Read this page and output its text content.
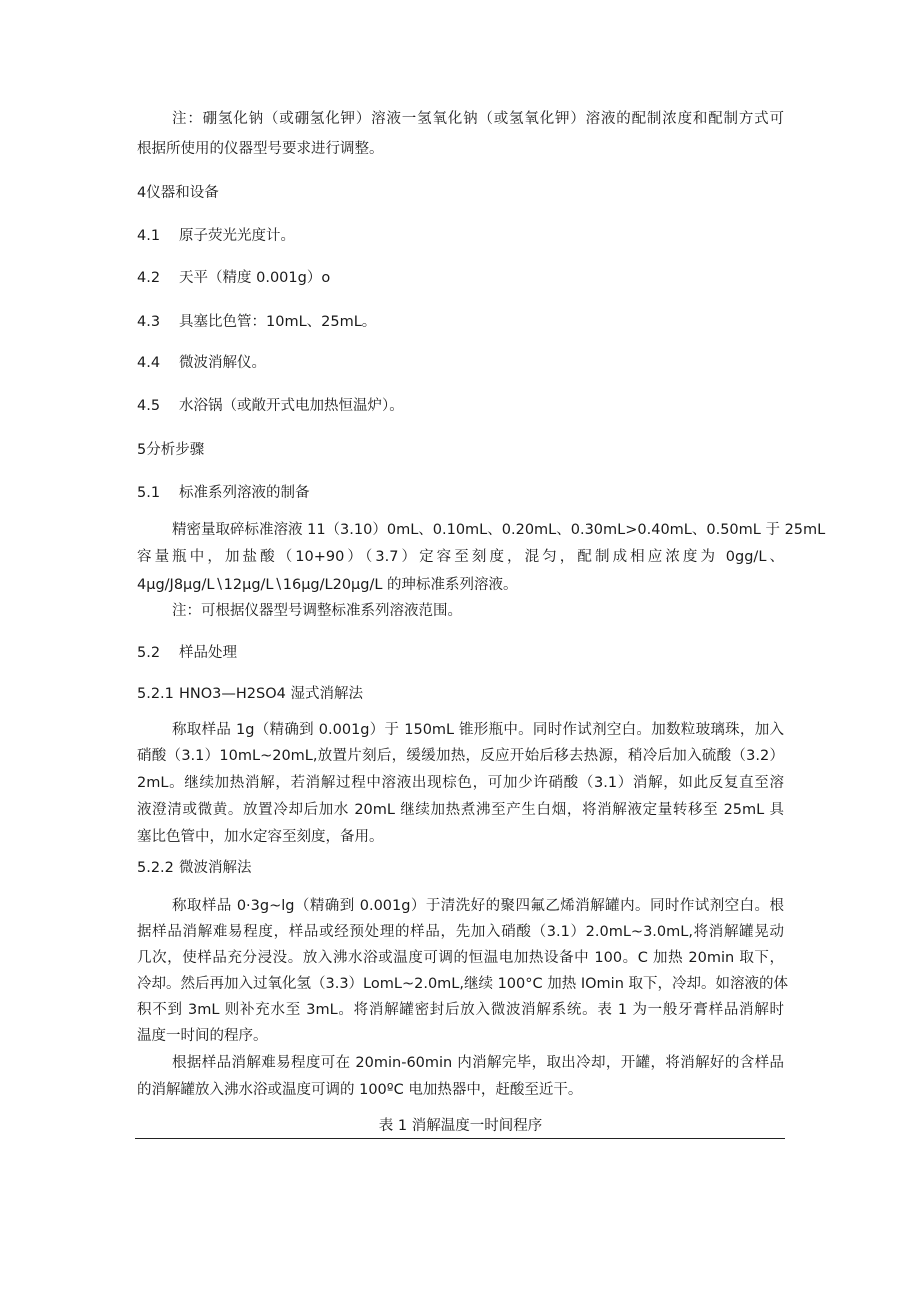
注：硼氢化钠（或硼氢化钾）溶液一氢氧化钠（或氢氧化钾）溶液的配制浓度和配制方式可
根据所使用的仪器型号要求进行调整。
4仪器和设备
4.1 原子荧光光度计。
4.2 天平（精度 0.001g）o
4.3 具塞比色管：10mL、25mL。
4.4 微波消解仪。
4.5 水浴锅（或敞开式电加热恒温炉）。
5分析步骤
5.1 标准系列溶液的制备
精密量取碎标准溶液 11（3.10）0mL、0.10mL、0.20mL、0.30mL>0.40mL、0.50mL 于 25mL
容量瓶中，加盐酸（10+90）（3.7）定容至刻度，混匀，配制成相应浓度为 0gg/L、
4μg∕J8μg∕L∖12μg∕L∖16μg∕L20μg∕L 的珅标准系列溶液。
注：可根据仪器型号调整标准系列溶液范围。
5.2 样品处理
5.2.1 HNO3—H2SO4 湿式消解法
称取样品 1g（精确到 0.001g）于 150mL 锥形瓶中。同时作试剂空白。加数粒玻璃珠，加入
硝酸（3.1）10mL~20mL,放置片刻后，缓缓加热，反应开始后移去热源，稍冷后加入硫酸（3.2）
2mL。继续加热消解，若消解过程中溶液出现棕色，可加少许硝酸（3.1）消解，如此反复直至溶
液澄清或微黄。放置冷却后加水 20mL 继续加热煮沸至产生白烟，将消解液定量转移至 25mL 具
塞比色管中，加水定容至刻度，备用。
5.2.2 微波消解法
称取样品 0·3g~lg（精确到 0.001g）于清洗好的聚四氟乙烯消解罐内。同时作试剂空白。根
据样品消解难易程度，样品或经预处理的样品，先加入硝酸（3.1）2.0mL~3.0mL,将消解罐晃动
几次，使样品充分浸没。放入沸水浴或温度可调的恒温电加热设备中 100。C 加热 20min 取下，
冷却。然后再加入过氧化氢（3.3）LomL~2.0mL,继续 100°C 加热 IOmin 取下，冷却。如溶液的体
积不到 3mL 则补充水至 3mL。将消解罐密封后放入微波消解系统。表 1 为一般牙膏样品消解时
温度一时间的程序。
根据样品消解难易程度可在 20min-60min 内消解完毕，取出冷却，开罐，将消解好的含样品
的消解罐放入沸水浴或温度可调的 100ºC 电加热器中，赶酸至近干。
表 1 消解温度一时间程序
